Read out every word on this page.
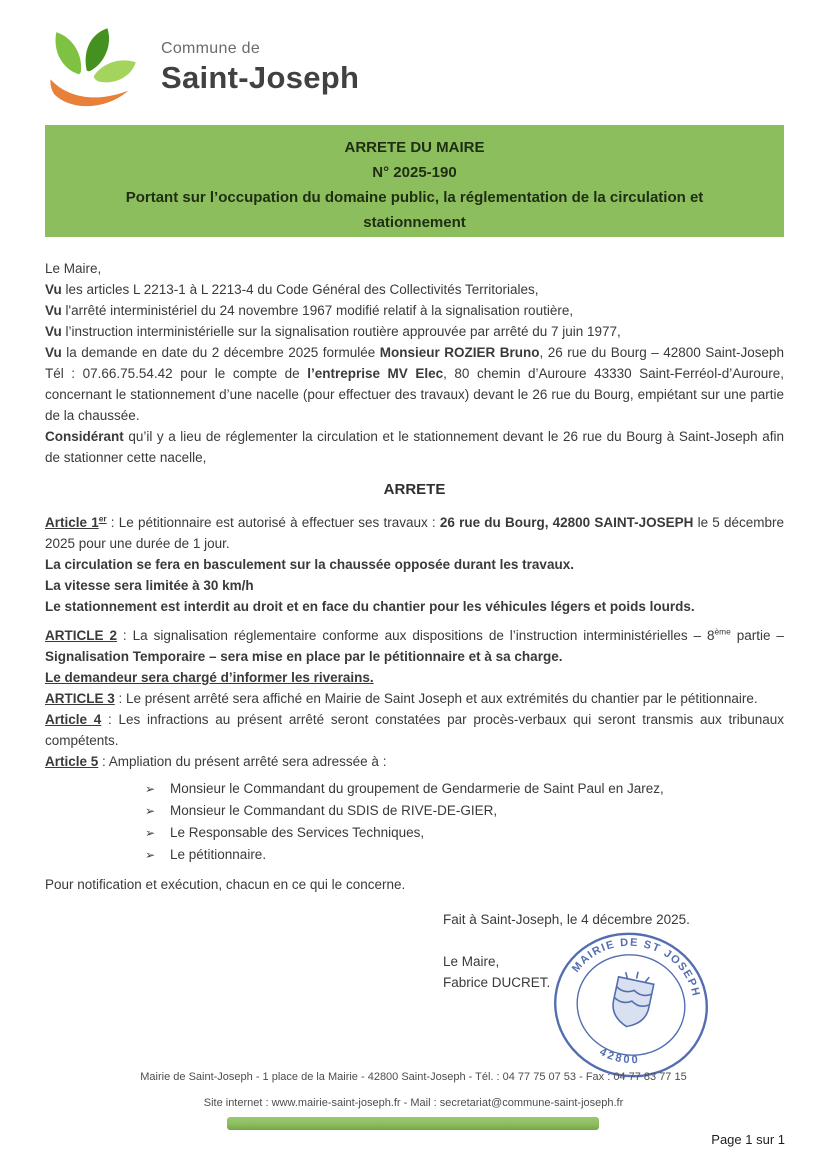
Commune de
Saint-Joseph
ARRETE DU MAIRE
N° 2025-190
Portant sur l’occupation du domaine public, la réglementation de la circulation et stationnement

Le Maire,

Vu les articles L 2213-1 à L 2213-4 du Code Général des Collectivités Territoriales,

Vu l'arrêté interministériel du 24 novembre 1967 modifié relatif à la signalisation routière,

Vu l’instruction interministérielle sur la signalisation routière approuvée par arrêté du 7 juin 1977,

Vu la demande en date du 2 décembre 2025 formulée Monsieur ROZIER Bruno, 26 rue du Bourg – 42800 Saint-Joseph Tél : 07.66.75.54.42 pour le compte de l’entreprise MV Elec, 80 chemin d’Auroure 43330 Saint-Ferréol-d’Auroure, concernant le stationnement d’une nacelle (pour effectuer des travaux) devant le 26 rue du Bourg, empiétant sur une partie de la chaussée.

Considérant qu’il y a lieu de réglementer la circulation et le stationnement devant le 26 rue du Bourg à Saint-Joseph afin de stationner cette nacelle,

ARRETE

Article 1er : Le pétitionnaire est autorisé à effectuer ses travaux : 26 rue du Bourg, 42800 SAINT-JOSEPH le 5 décembre 2025 pour une durée de 1 jour.

La circulation se fera en basculement sur la chaussée opposée durant les travaux.

La vitesse sera limitée à 30 km/h

Le stationnement est interdit au droit et en face du chantier pour les véhicules légers et poids lourds.

ARTICLE 2 : La signalisation réglementaire conforme aux dispositions de l’instruction interministérielles – 8ème partie – Signalisation Temporaire – sera mise en place par le pétitionnaire et à sa charge.

Le demandeur sera chargé d’informer les riverains.

ARTICLE 3 : Le présent arrêté sera affiché en Mairie de Saint Joseph et aux extrémités du chantier par le pétitionnaire.

Article 4 : Les infractions au présent arrêté seront constatées par procès-verbaux qui seront transmis aux tribunaux compétents.

Article 5 : Ampliation du présent arrêté sera adressée à :

➢ Monsieur le Commandant du groupement de Gendarmerie de Saint Paul en Jarez,
➢ Monsieur le Commandant du SDIS de RIVE-DE-GIER,
➢ Le Responsable des Services Techniques,
➢ Le pétitionnaire.

Pour notification et exécution, chacun en ce qui le concerne.

Fait à Saint-Joseph, le 4 décembre 2025.

Le Maire,

Fabrice DUCRET.

MAIRIE DE ST JOSEPH
42800
Mairie de Saint-Joseph - 1 place de la Mairie - 42800 Saint-Joseph - Tél. : 04 77 75 07 53 - Fax : 04 77 83 77 15
Site internet : www.mairie-saint-joseph.fr - Mail : secretariat@commune-saint-joseph.fr
Page 1 sur 1
